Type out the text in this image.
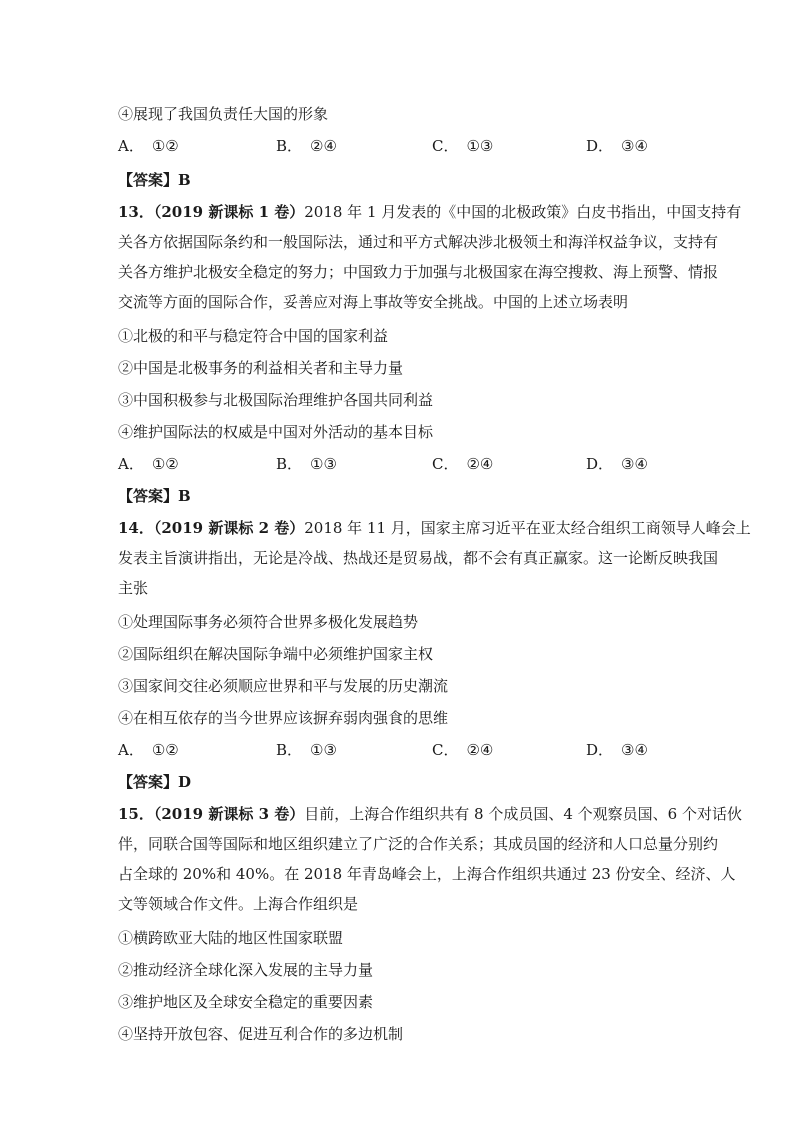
④展现了我国负责任大国的形象
A． ①②	B． ②④	C． ①③	D． ③④
【答案】B
13．（2019 新课标 1 卷）2018 年 1 月发表的《中国的北极政策》白皮书指出，中国支持有
关各方依据国际条约和一般国际法，通过和平方式解决涉北极领土和海洋权益争议，支持有
关各方维护北极安全稳定的努力；中国致力于加强与北极国家在海空搜救、海上预警、情报
交流等方面的国际合作，妥善应对海上事故等安全挑战。中国的上述立场表明
①北极的和平与稳定符合中国的国家利益
②中国是北极事务的利益相关者和主导力量
③中国积极参与北极国际治理维护各国共同利益
④维护国际法的权威是中国对外活动的基本目标
A． ①②	B． ①③	C． ②④	D． ③④
【答案】B
14．（2019 新课标 2 卷）2018 年 11 月，国家主席习近平在亚太经合组织工商领导人峰会上
发表主旨演讲指出，无论是冷战、热战还是贸易战，都不会有真正赢家。这一论断反映我国
主张
①处理国际事务必须符合世界多极化发展趋势
②国际组织在解决国际争端中必须维护国家主权
③国家间交往必须顺应世界和平与发展的历史潮流
④在相互依存的当今世界应该摒弃弱肉强食的思维
A． ①②	B． ①③	C． ②④	D． ③④
【答案】D
15．（2019 新课标 3 卷）目前，上海合作组织共有 8 个成员国、4 个观察员国、6 个对话伙
伴，同联合国等国际和地区组织建立了广泛的合作关系；其成员国的经济和人口总量分别约
占全球的 20%和 40%。在 2018 年青岛峰会上，上海合作组织共通过 23 份安全、经济、人
文等领域合作文件。上海合作组织是
①横跨欧亚大陆的地区性国家联盟
②推动经济全球化深入发展的主导力量
③维护地区及全球安全稳定的重要因素
④坚持开放包容、促进互利合作的多边机制
